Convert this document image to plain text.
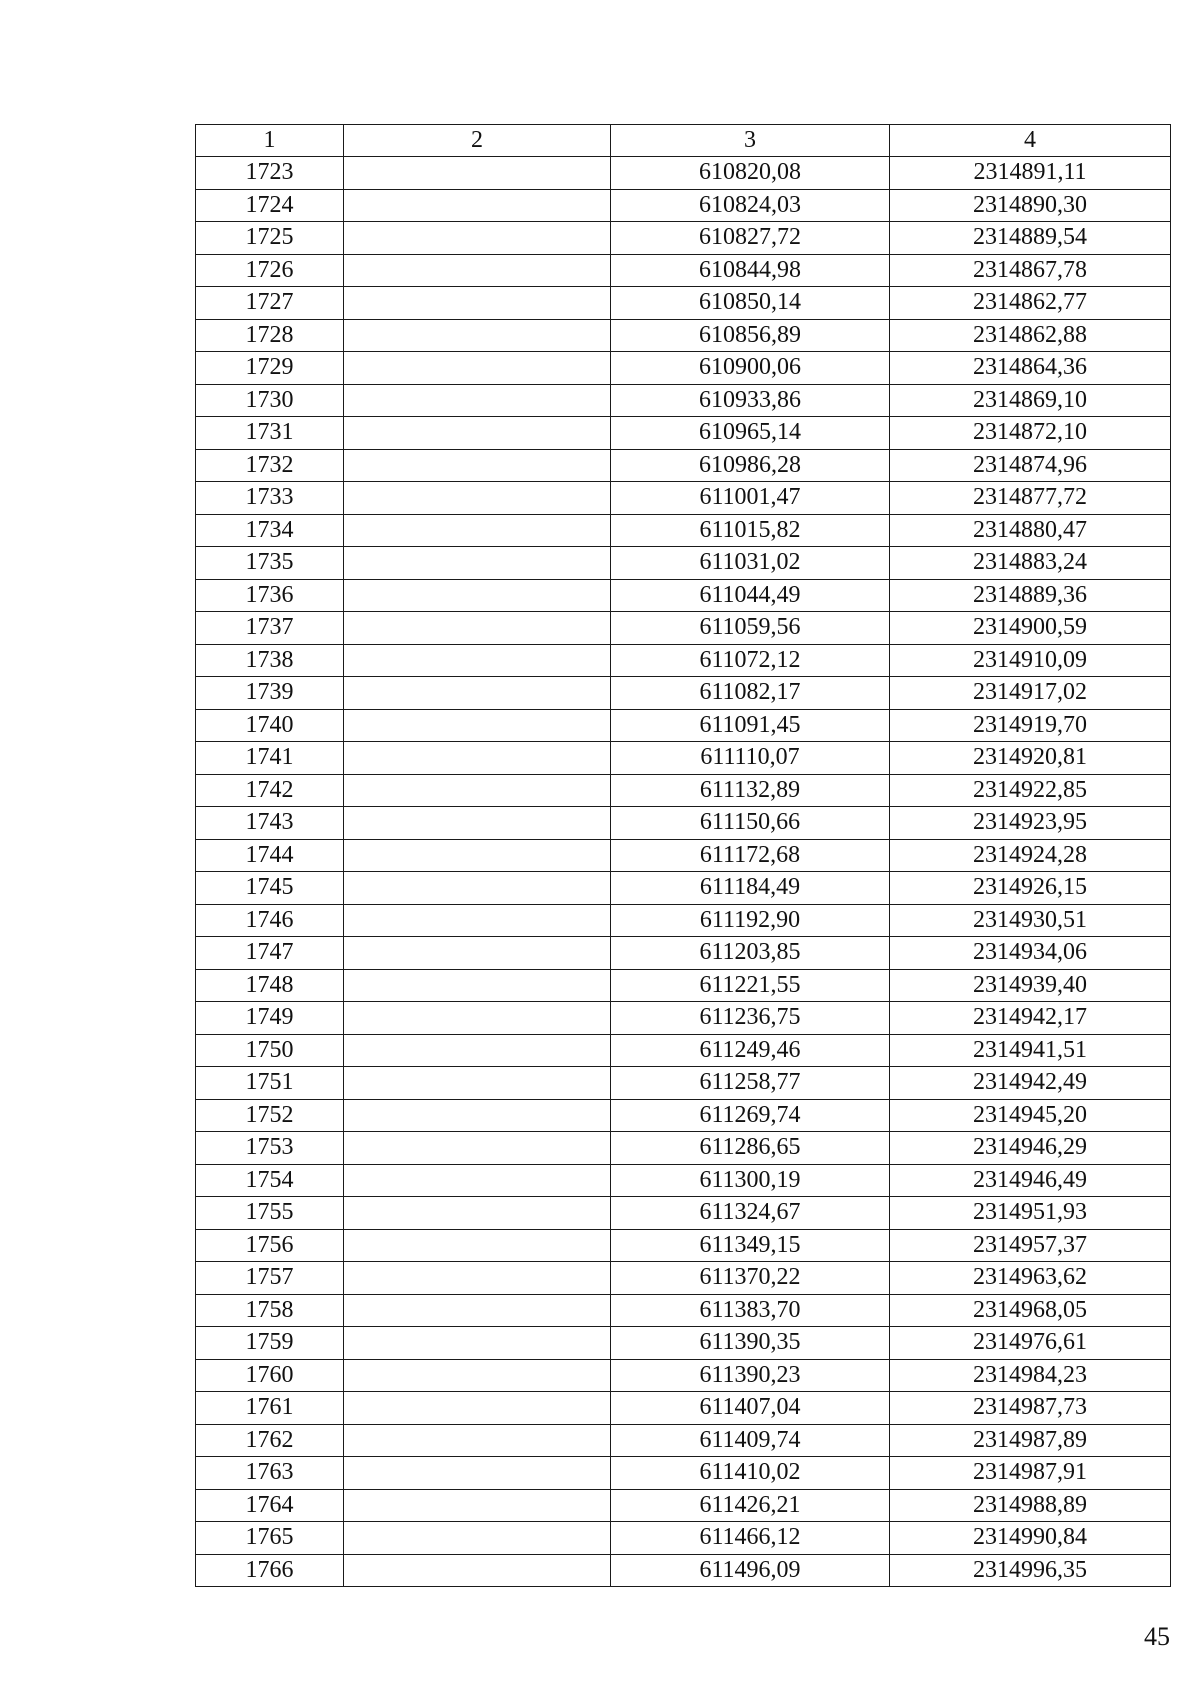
1	2	3	4
1723		610820,08	2314891,11
1724		610824,03	2314890,30
1725		610827,72	2314889,54
1726		610844,98	2314867,78
1727		610850,14	2314862,77
1728		610856,89	2314862,88
1729		610900,06	2314864,36
1730		610933,86	2314869,10
1731		610965,14	2314872,10
1732		610986,28	2314874,96
1733		611001,47	2314877,72
1734		611015,82	2314880,47
1735		611031,02	2314883,24
1736		611044,49	2314889,36
1737		611059,56	2314900,59
1738		611072,12	2314910,09
1739		611082,17	2314917,02
1740		611091,45	2314919,70
1741		611110,07	2314920,81
1742		611132,89	2314922,85
1743		611150,66	2314923,95
1744		611172,68	2314924,28
1745		611184,49	2314926,15
1746		611192,90	2314930,51
1747		611203,85	2314934,06
1748		611221,55	2314939,40
1749		611236,75	2314942,17
1750		611249,46	2314941,51
1751		611258,77	2314942,49
1752		611269,74	2314945,20
1753		611286,65	2314946,29
1754		611300,19	2314946,49
1755		611324,67	2314951,93
1756		611349,15	2314957,37
1757		611370,22	2314963,62
1758		611383,70	2314968,05
1759		611390,35	2314976,61
1760		611390,23	2314984,23
1761		611407,04	2314987,73
1762		611409,74	2314987,89
1763		611410,02	2314987,91
1764		611426,21	2314988,89
1765		611466,12	2314990,84
1766		611496,09	2314996,35
45
